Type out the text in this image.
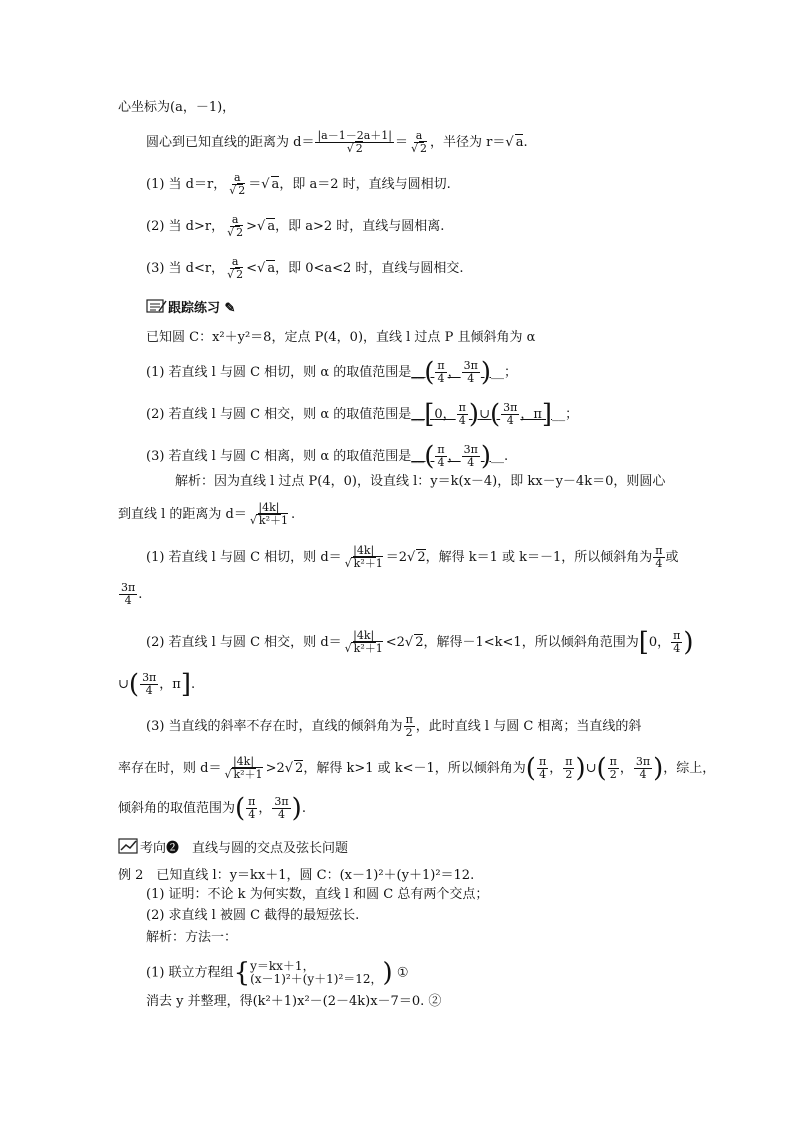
心坐标为(a，－1)，
圆心到已知直线的距离为 $d= \frac{|a-1-2a+1|}{√ 2} = \frac{a}{√ 2}$ ，半径为 r＝√ a.
(1) 当 d＝r， $\frac{a}{√ 2}$ ＝√ a，即 a＝2 时，直线与圆相切.
(2) 当 d>r， $\frac{a}{√ 2}$ >√ a，即 a>2 时，直线与圆相离.
(3) 当 d<r， $\frac{a}{√ 2}$ <√ a，即 0<a<2 时，直线与圆相交.
跟踪练习 ✎
已知圆 C：x²＋y²＝8，定点 P(4，0)，直线 l 过点 P 且倾斜角为 α
(1) 若直线 l 与圆 C 相切，则 α 的取值范围是__( $\frac{\pi}{4}$ ， $\frac{3\pi}{4}$ )__；
(2) 若直线 l 与圆 C 相交，则 α 的取值范围是__[0， $\frac{\pi}{4}$ )∪( $\frac{3\pi}{4}$ ，π]__；
(3) 若直线 l 与圆 C 相离，则 α 的取值范围是__( $\frac{\pi}{4}$ ， $\frac{3\pi}{4}$ )__.
解析：因为直线 l 过点 P(4，0)，设直线 l：y＝k(x－4)，即 kx－y－4k＝0，则圆心
到直线 l 的距离为 $d= \frac{|4k|}{\text{√ k²＋1}}$ .
(1) 若直线 l 与圆 C 相切，则 $d= \frac{|4k|}{\text{√ k²＋1}} =2√$ 2，解得 k＝1 或 k＝－1，所以倾斜角为 $\frac{\pi}{4}$ 或
$\frac{3\pi}{4}$ .
(2) 若直线 l 与圆 C 相交，则 $d= \frac{|4k|}{\text{√ k²＋1}} <2√$ 2，解得－1<k<1，所以倾斜角范围为[0， $\frac{\pi}{4}$ )
∪( $\frac{3\pi}{4}$ ，π].
(3) 当直线的斜率不存在时，直线的倾斜角为 $\frac{\pi}{2}$ ，此时直线 l 与圆 C 相离；当直线的斜
率存在时，则 $d= \frac{|4k|}{\text{√ k²＋1}} >2√$ 2，解得 k>1 或 k<－1，所以倾斜角为( $\frac{\pi}{4}$ ， $\frac{\pi}{2}$ )∪( $\frac{\pi}{2}$ ， $\frac{3\pi}{4}$ )，综上，
倾斜角的取值范围为( $\frac{\pi}{4}$ ， $\frac{3\pi}{4}$ ).
考向❷　直线与圆的交点及弦长问题
例 2　已知直线 l：y＝kx＋1，圆 C：(x－1)²＋(y＋1)²＝12.
(1) 证明：不论 k 为何实数，直线 l 和圆 C 总有两个交点；
(2) 求直线 l 被圆 C 截得的最短弦长.
解析：方法一：
(1) 联立方程组 { y＝kx＋1，
(x－1)²＋(y＋1)²＝12， ) ①
消去 y 并整理，得(k²＋1)x²－(2－4k)x－7＝0. ②
